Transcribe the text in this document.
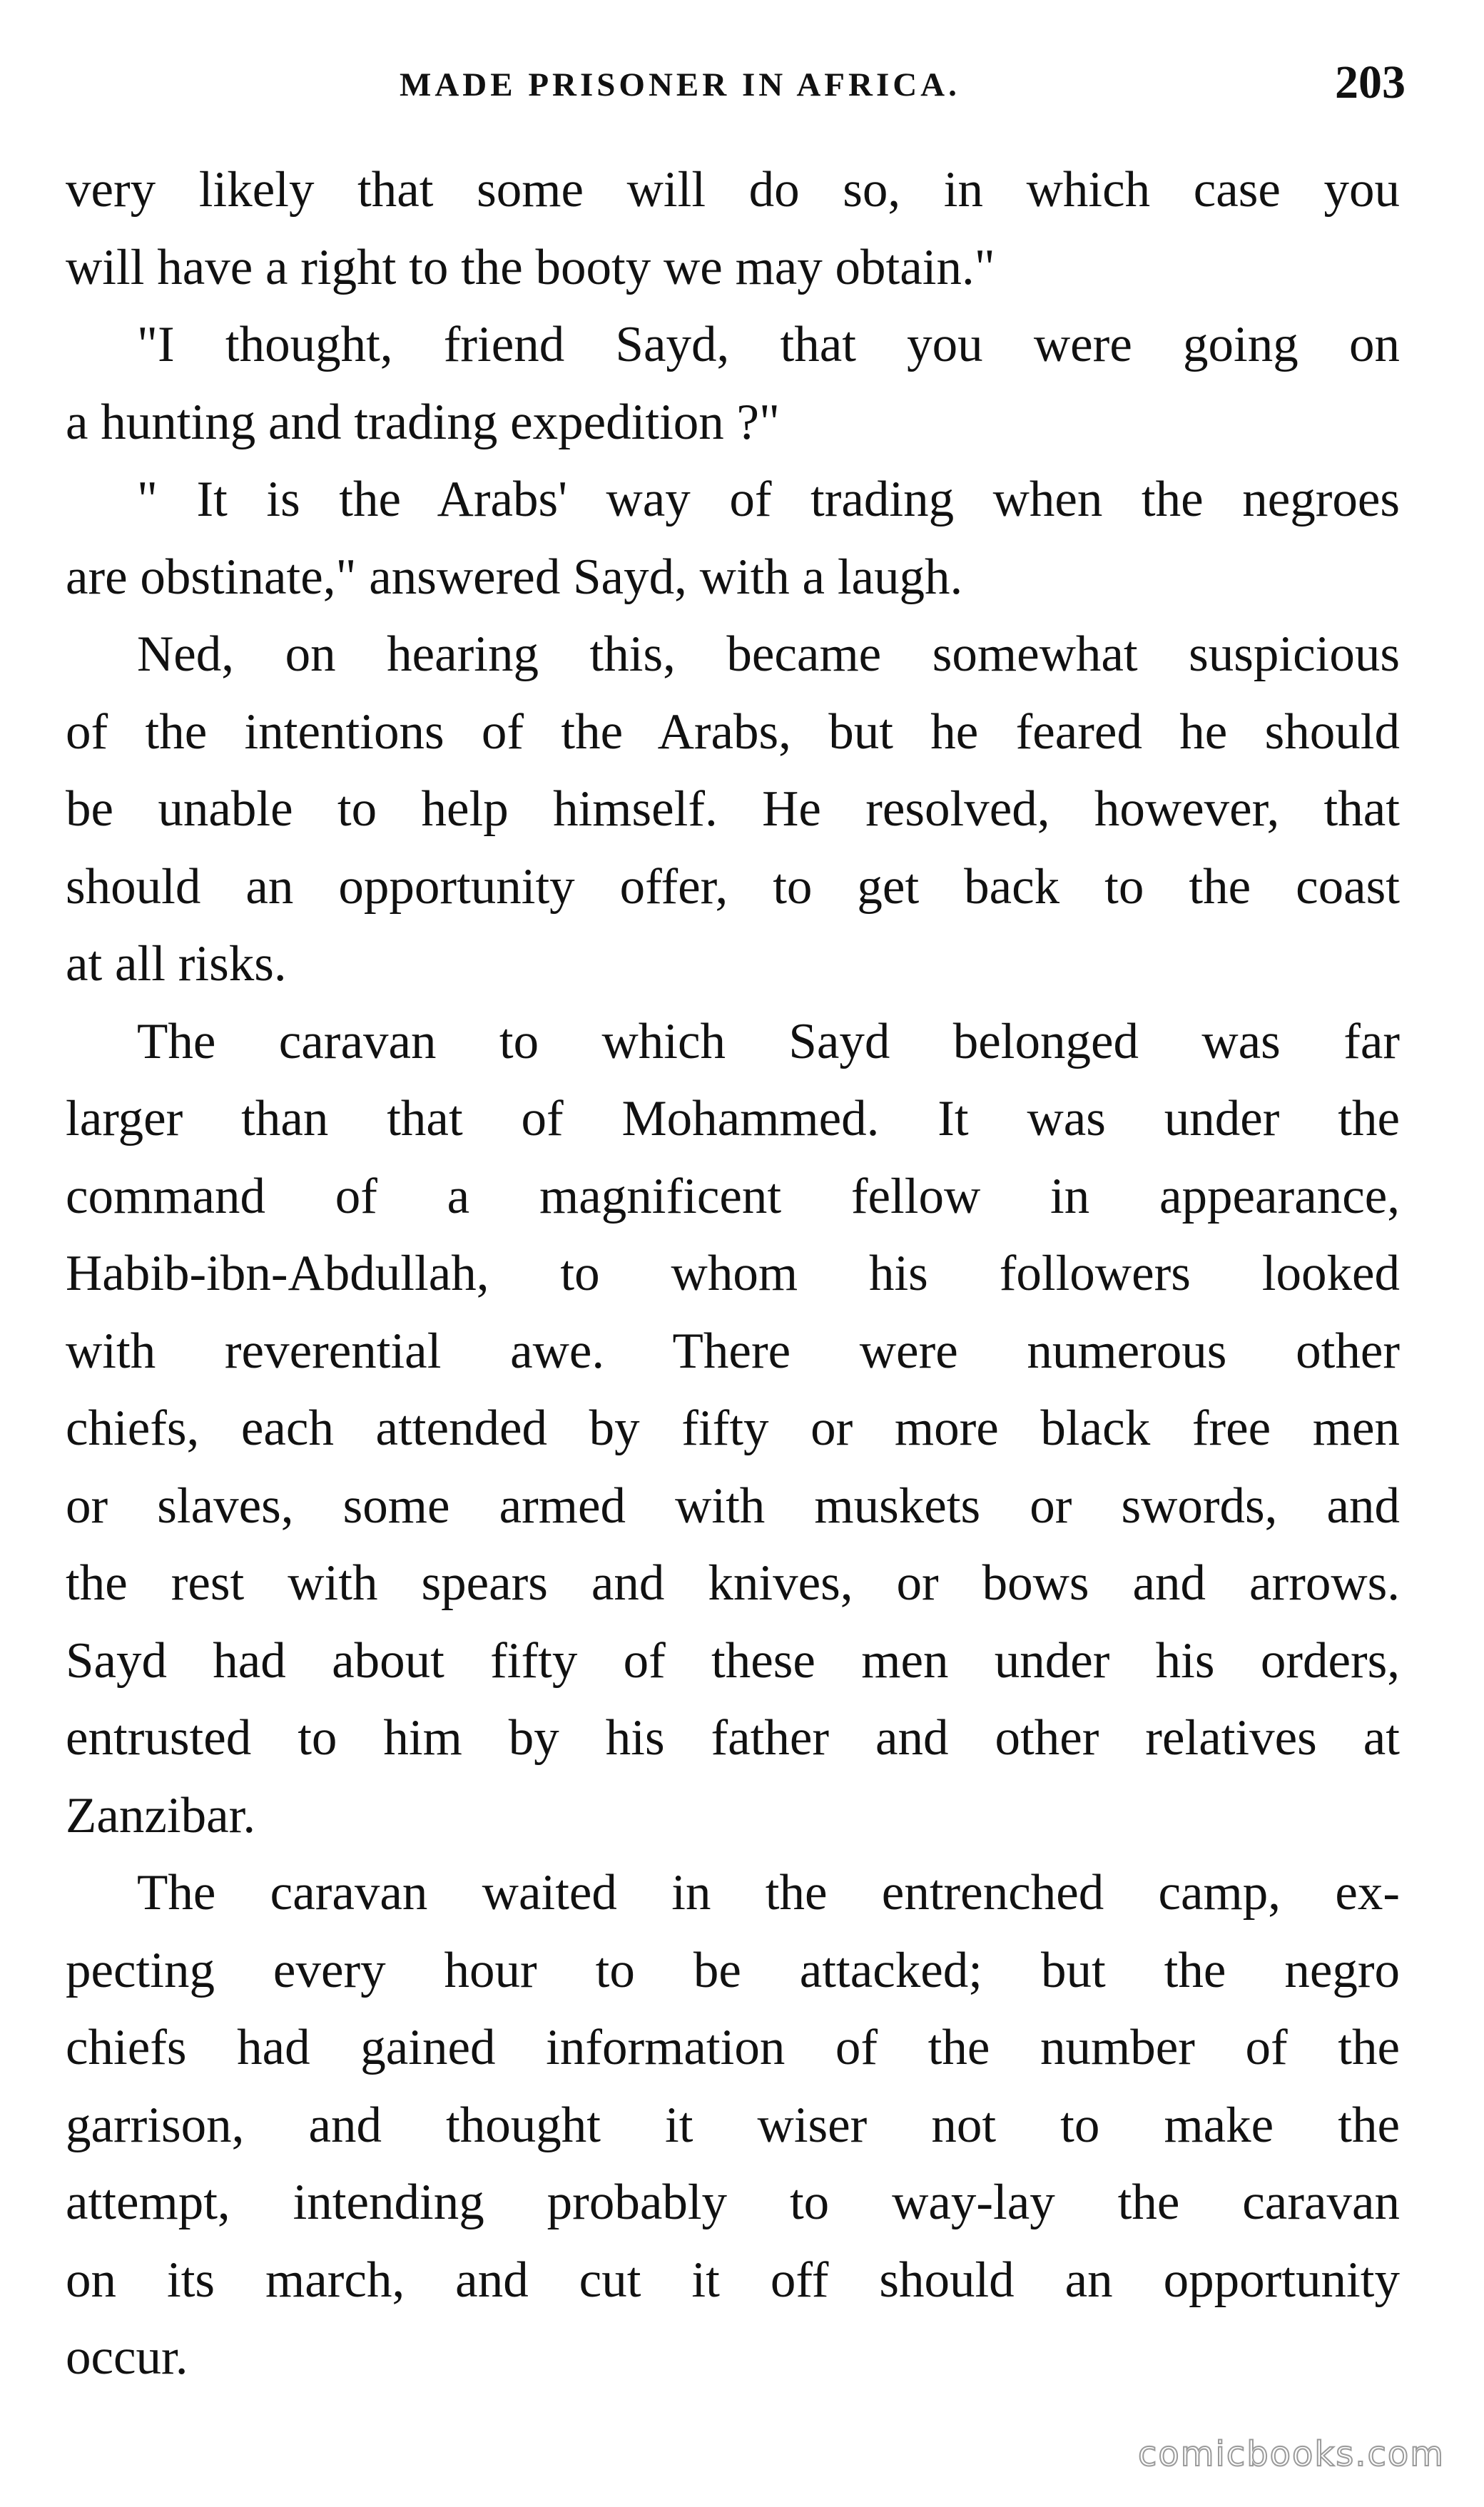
MADE PRISONER IN AFRICA.	203
very likely that some will do so, in which case you
will have a right to the booty we may obtain."
"I thought, friend Sayd, that you were going on
a hunting and trading expedition ?"
" It is the Arabs' way of trading when the negroes
are obstinate," answered Sayd, with a laugh.
Ned, on hearing this, became somewhat suspicious
of the intentions of the Arabs, but he feared he should
be unable to help himself. He resolved, however, that
should an opportunity offer, to get back to the coast
at all risks.
The caravan to which Sayd belonged was far
larger than that of Mohammed. It was under the
command of a magnificent fellow in appearance,
Habib-ibn-Abdullah, to whom his followers looked
with reverential awe. There were numerous other
chiefs, each attended by fifty or more black free men
or slaves, some armed with muskets or swords, and
the rest with spears and knives, or bows and arrows.
Sayd had about fifty of these men under his orders,
entrusted to him by his father and other relatives at
Zanzibar.
The caravan waited in the entrenched camp, ex-
pecting every hour to be attacked; but the negro
chiefs had gained information of the number of the
garrison, and thought it wiser not to make the
attempt, intending probably to way-lay the caravan
on its march, and cut it off should an opportunity
occur.
comicbooks.com
